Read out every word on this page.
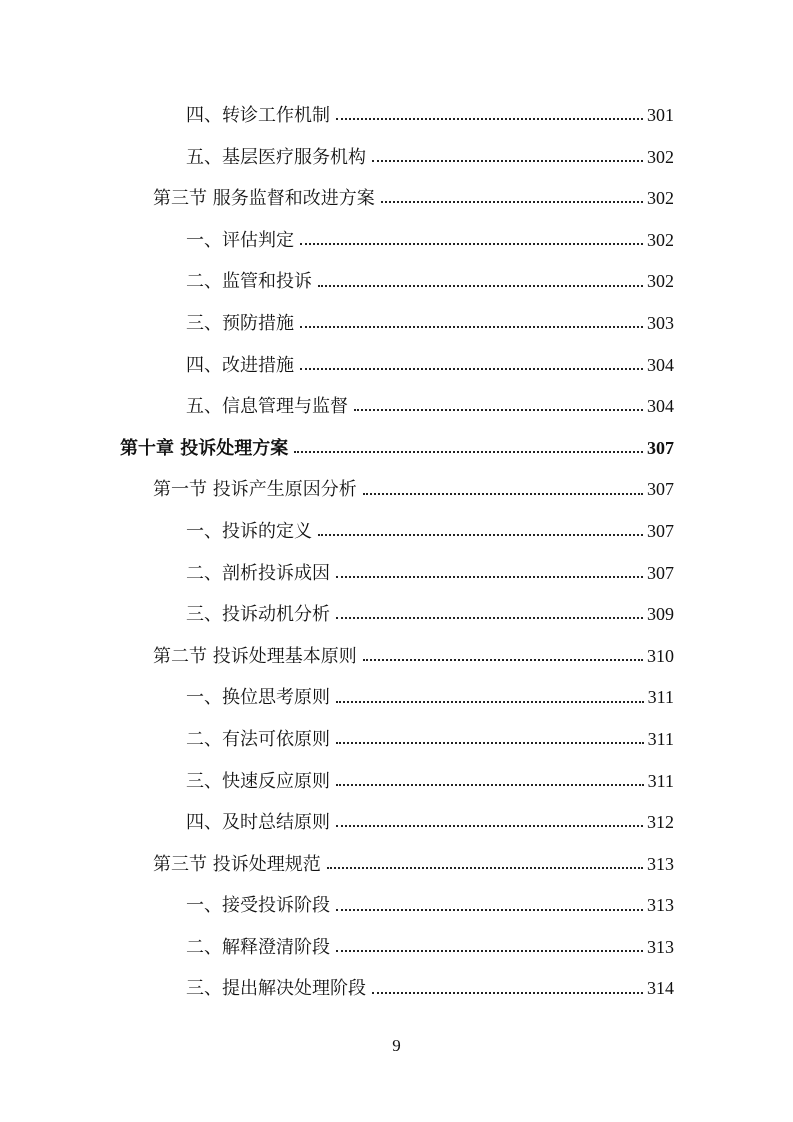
四、转诊工作机制	301
五、基层医疗服务机构	302
第三节 服务监督和改进方案	302
一、评估判定	302
二、监管和投诉	302
三、预防措施	303
四、改进措施	304
五、信息管理与监督	304
第十章 投诉处理方案	307
第一节 投诉产生原因分析	307
一、投诉的定义	307
二、剖析投诉成因	307
三、投诉动机分析	309
第二节 投诉处理基本原则	310
一、换位思考原则	311
二、有法可依原则	311
三、快速反应原则	311
四、及时总结原则	312
第三节 投诉处理规范	313
一、接受投诉阶段	313
二、解释澄清阶段	313
三、提出解决处理阶段	314
9
